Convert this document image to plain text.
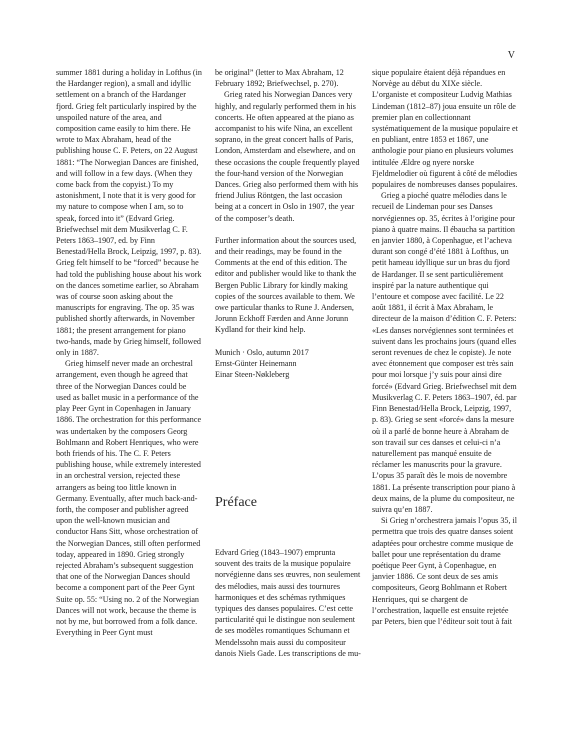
V

summer 1881 during a holiday in Lofthus (in the Hardanger region), a small and idyllic settlement on a branch of the Hardanger fjord. Grieg felt particularly inspired by the unspoiled nature of the area, and composition came easily to him there. He wrote to Max Abraham, head of the publishing house C. F. Peters, on 22 August 1881: “The Norwegian Dances are finished, and will follow in a few days. (When they come back from the copyist.) To my astonishment, I note that it is very good for my nature to compose when I am, so to speak, forced into it” (Edvard Grieg. Briefwechsel mit dem Musikverlag C. F. Peters 1863–1907, ed. by Finn Benestad/Hella Brock, Leipzig, 1997, p. 83). Grieg felt himself to be “forced” because he had told the publishing house about his work on the dances sometime earlier, so Abraham was of course soon asking about the manuscripts for engraving. The op. 35 was published shortly afterwards, in November 1881; the present arrangement for piano two-hands, made by Grieg himself, followed only in 1887.

Grieg himself never made an orchestral arrangement, even though he agreed that three of the Norwegian Dances could be used as ballet music in a performance of the play Peer Gynt in Copenhagen in January 1886. The orchestration for this performance was undertaken by the composers Georg Bohlmann and Robert Henriques, who were both friends of his. The C. F. Peters publishing house, while extremely interested in an orchestral version, rejected these arrangers as being too little known in Germany. Eventually, after much back-and-forth, the composer and publisher agreed upon the well-known musician and conductor Hans Sitt, whose orchestration of the Norwegian Dances, still often performed today, appeared in 1890. Grieg strongly rejected Abraham’s subsequent suggestion that one of the Norwegian Dances should become a component part of the Peer Gynt Suite op. 55: “Using no. 2 of the Norwegian Dances will not work, because the theme is not by me, but borrowed from a folk dance. Everything in Peer Gynt must

be original” (letter to Max Abraham, 12 February 1892; Briefwechsel, p. 270).

Grieg rated his Norwegian Dances very highly, and regularly performed them in his concerts. He often appeared at the piano as accompanist to his wife Nina, an excellent soprano, in the great concert halls of Paris, London, Amsterdam and elsewhere, and on these occasions the couple frequently played the four-hand version of the Norwegian Dances. Grieg also performed them with his friend Julius Röntgen, the last occasion being at a concert in Oslo in 1907, the year of the composer’s death.

Further information about the sources used, and their readings, may be found in the Comments at the end of this edition. The editor and publisher would like to thank the Bergen Public Library for kindly making copies of the sources available to them. We owe particular thanks to Rune J. Andersen, Jorunn Eckhoff Færden and Anne Jorunn Kydland for their kind help.

Munich · Oslo, autumn 2017

Ernst-Günter Heinemann

Einar Steen-Nøkleberg

Préface

Edvard Grieg (1843–1907) emprunta souvent des traits de la musique populaire norvégienne dans ses œuvres, non seulement des mélodies, mais aussi des tournures harmoniques et des schémas rythmiques typiques des danses populaires. C’est cette particularité qui le distingue non seulement de ses modèles romantiques Schumann et Mendelssohn mais aussi du compositeur danois Niels Gade. Les transcriptions de mu-

sique populaire étaient déjà répandues en Norvège au début du XIXe siècle. L’organiste et compositeur Ludvig Mathias Lindeman (1812–87) joua ensuite un rôle de premier plan en collectionnant systématiquement de la musique populaire et en publiant, entre 1853 et 1867, une anthologie pour piano en plusieurs volumes intitulée Ældre og nyere norske Fjeldmelodier où figurent à côté de mélodies populaires de nombreuses danses populaires.

Grieg a pioché quatre mélodies dans le recueil de Lindeman pour ses Danses norvégiennes op. 35, écrites à l’origine pour piano à quatre mains. Il ébaucha sa partition en janvier 1880, à Copenhague, et l’acheva durant son congé d’été 1881 à Lofthus, un petit hameau idyllique sur un bras du fjord de Hardanger. Il se sent particulièrement inspiré par la nature authentique qui l’entoure et compose avec facilité. Le 22 août 1881, il écrit à Max Abraham, le directeur de la maison d’édition C. F. Peters: «Les danses norvégiennes sont terminées et suivent dans les prochains jours (quand elles seront revenues de chez le copiste). Je note avec étonnement que composer est très sain pour moi lorsque j’y suis pour ainsi dire forcé» (Edvard Grieg. Briefwechsel mit dem Musikverlag C. F. Peters 1863–1907, éd. par Finn Benestad/Hella Brock, Leipzig, 1997, p. 83). Grieg se sent «forcé» dans la mesure où il a parlé de bonne heure à Abraham de son travail sur ces danses et celui-ci n’a naturellement pas manqué ensuite de réclamer les manuscrits pour la gravure. L’opus 35 paraît dès le mois de novembre 1881. La présente transcription pour piano à deux mains, de la plume du compositeur, ne suivra qu’en 1887.

Si Grieg n’orchestrera jamais l’opus 35, il permettra que trois des quatre danses soient adaptées pour orchestre comme musique de ballet pour une représentation du drame poétique Peer Gynt, à Copenhague, en janvier 1886. Ce sont deux de ses amis compositeurs, Georg Bohlmann et Robert Henriques, qui se chargent de l’orchestration, laquelle est ensuite rejetée par Peters, bien que l’éditeur soit tout à fait
